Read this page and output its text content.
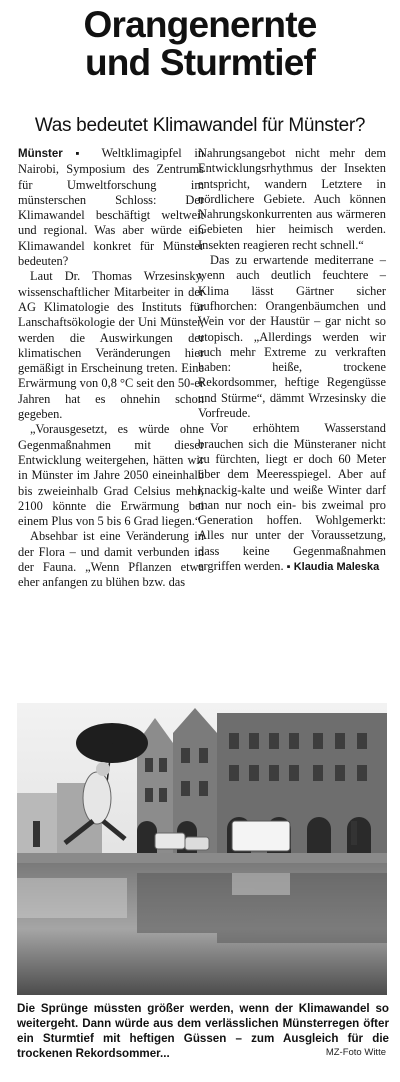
Orangenernte
und Sturmtief
Was bedeutet Klimawandel für Münster?

Münster ▪ Weltklimagipfel in Nairobi, Symposium des Zentrums für Umweltforschung im münsterschen Schloss: Der Klimawandel beschäftigt weltweit und regional. Was aber würde ein Klimawandel konkret für Münster bedeuten?

Laut Dr. Thomas Wrzesinsky, wissenschaftlicher Mitarbeiter in der AG Klimatologie des Instituts für Lanschaftsökologie der Uni Münster, werden die Auswirkungen der klimatischen Veränderungen hier gemäßigt in Erscheinung treten. Eine Erwärmung von 0,8 °C seit den 50-er Jahren hat es ohnehin schon gegeben.

„Vorausgesetzt, es würde ohne Gegenmaßnahmen mit dieser Entwicklung weitergehen, hätten wir in Münster im Jahre 2050 eineinhalb bis zweieinhalb Grad Celsius mehr, 2100 könnte die Erwärmung bei einem Plus von 5 bis 6 Grad liegen.“

Absehbar ist eine Veränderung in der Flora – und damit verbunden in der Fauna. „Wenn Pflanzen etwa eher anfangen zu blühen bzw. das

Nahrungsangebot nicht mehr dem Entwicklungsrhythmus der Insekten entspricht, wandern Letztere in nördlichere Gebiete. Auch können Nahrungskonkurrenten aus wärmeren Gebieten hier heimisch werden. Insekten reagieren recht schnell.“

Das zu erwartende mediterrane – wenn auch deutlich feuchtere – Klima lässt Gärtner sicher aufhorchen: Orangenbäumchen und Wein vor der Haustür – gar nicht so utopisch. „Allerdings werden wir auch mehr Extreme zu verkraften haben: heiße, trockene Rekordsommer, heftige Regengüsse und Stürme“, dämmt Wrzesinsky die Vorfreude.

Vor erhöhtem Wasserstand brauchen sich die Münsteraner nicht zu fürchten, liegt er doch 60 Meter über dem Meeresspiegel. Aber auf knackig-kalte und weiße Winter darf man nur noch ein- bis zweimal pro Generation hoffen. Wohlgemerkt: Alles nur unter der Voraussetzung, dass keine Gegenmaßnahmen ergriffen werden. ▪ Klaudia Maleska

Die Sprünge müssten größer werden, wenn der Klimawandel so weitergeht. Dann würde aus dem verlässlichen Münsterregen öfter ein Sturmtief mit heftigen Güssen – zum Ausgleich für die trockenen Rekordsommer...	MZ-Foto Witte
